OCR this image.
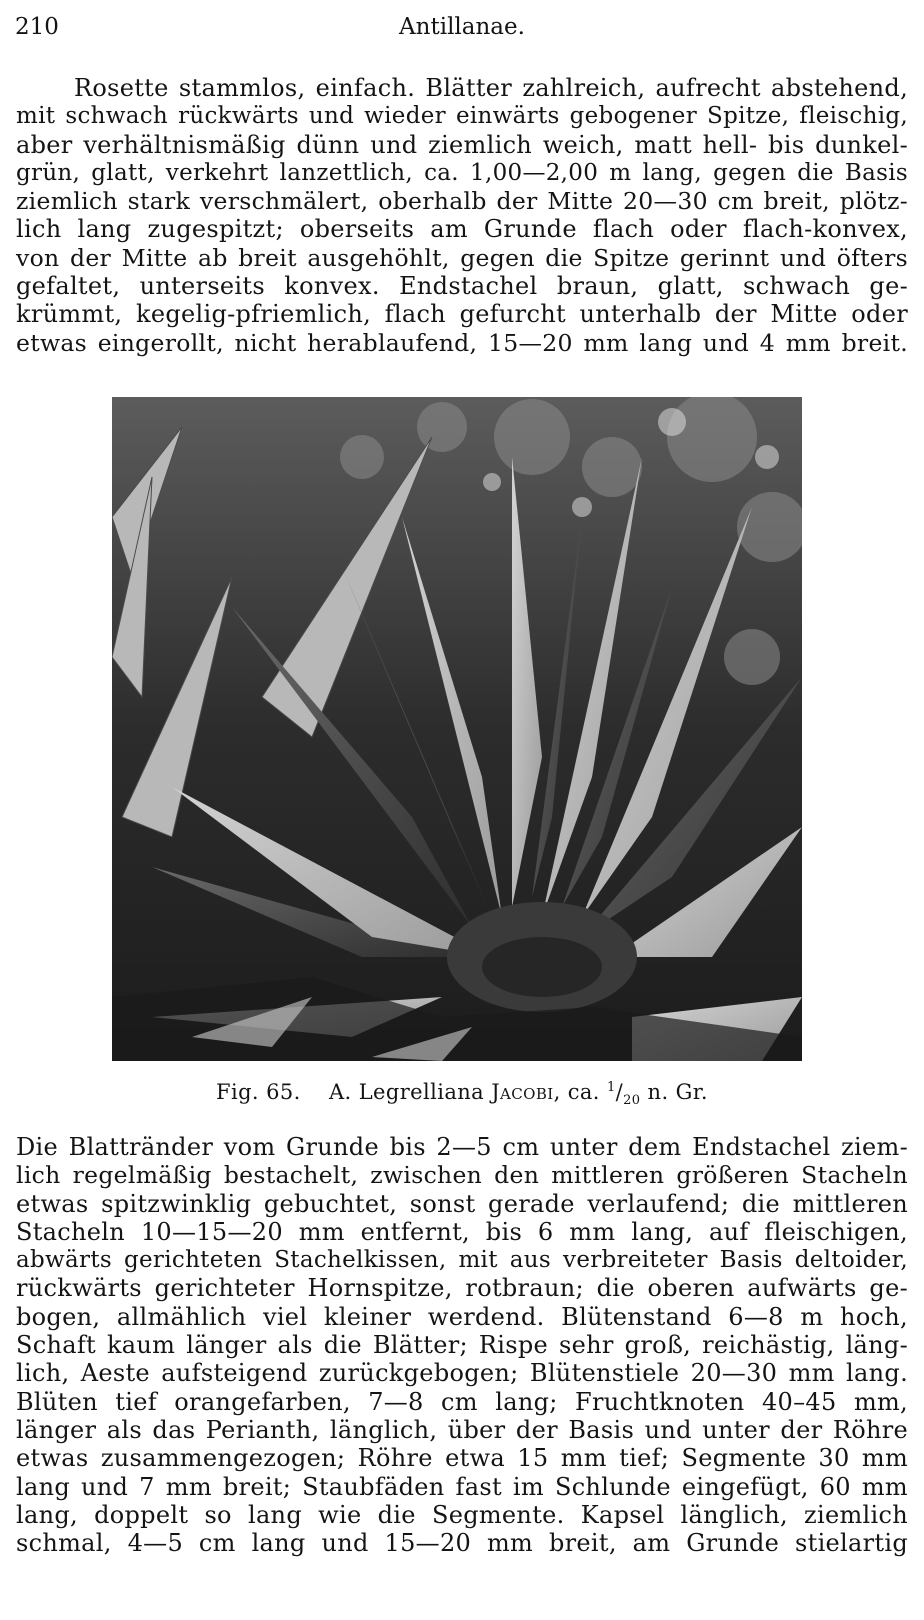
210	Antillanae.
Rosette stammlos, einfach. Blätter zahlreich, aufrecht abstehend,
mit schwach rückwärts und wieder einwärts gebogener Spitze, fleischig,
aber verhältnismäßig dünn und ziemlich weich, matt hell- bis dunkel-
grün, glatt, verkehrt lanzettlich, ca. 1,00—2,00 m lang, gegen die Basis
ziemlich stark verschmälert, oberhalb der Mitte 20—30 cm breit, plötz-
lich lang zugespitzt; oberseits am Grunde flach oder flach-konvex,
von der Mitte ab breit ausgehöhlt, gegen die Spitze gerinnt und öfters
gefaltet, unterseits konvex. Endstachel braun, glatt, schwach ge-
krümmt, kegelig-pfriemlich, flach gefurcht unterhalb der Mitte oder
etwas eingerollt, nicht herablaufend, 15—20 mm lang und 4 mm breit.
Fig. 65. A. Legrelliana Jacobi, ca. $^1/_{20}$ n. Gr.
Die Blattränder vom Grunde bis 2—5 cm unter dem Endstachel ziem-
lich regelmäßig bestachelt, zwischen den mittleren größeren Stacheln
etwas spitzwinklig gebuchtet, sonst gerade verlaufend; die mittleren
Stacheln 10—15—20 mm entfernt, bis 6 mm lang, auf fleischigen,
abwärts gerichteten Stachelkissen, mit aus verbreiteter Basis deltoider,
rückwärts gerichteter Hornspitze, rotbraun; die oberen aufwärts ge-
bogen, allmählich viel kleiner werdend. Blütenstand 6—8 m hoch,
Schaft kaum länger als die Blätter; Rispe sehr groß, reichästig, läng-
lich, Aeste aufsteigend zurückgebogen; Blütenstiele 20—30 mm lang.
Blüten tief orangefarben, 7—8 cm lang; Fruchtknoten 40–45 mm,
länger als das Perianth, länglich, über der Basis und unter der Röhre
etwas zusammengezogen; Röhre etwa 15 mm tief; Segmente 30 mm
lang und 7 mm breit; Staubfäden fast im Schlunde eingefügt, 60 mm
lang, doppelt so lang wie die Segmente. Kapsel länglich, ziemlich
schmal, 4—5 cm lang und 15—20 mm breit, am Grunde stielartig
